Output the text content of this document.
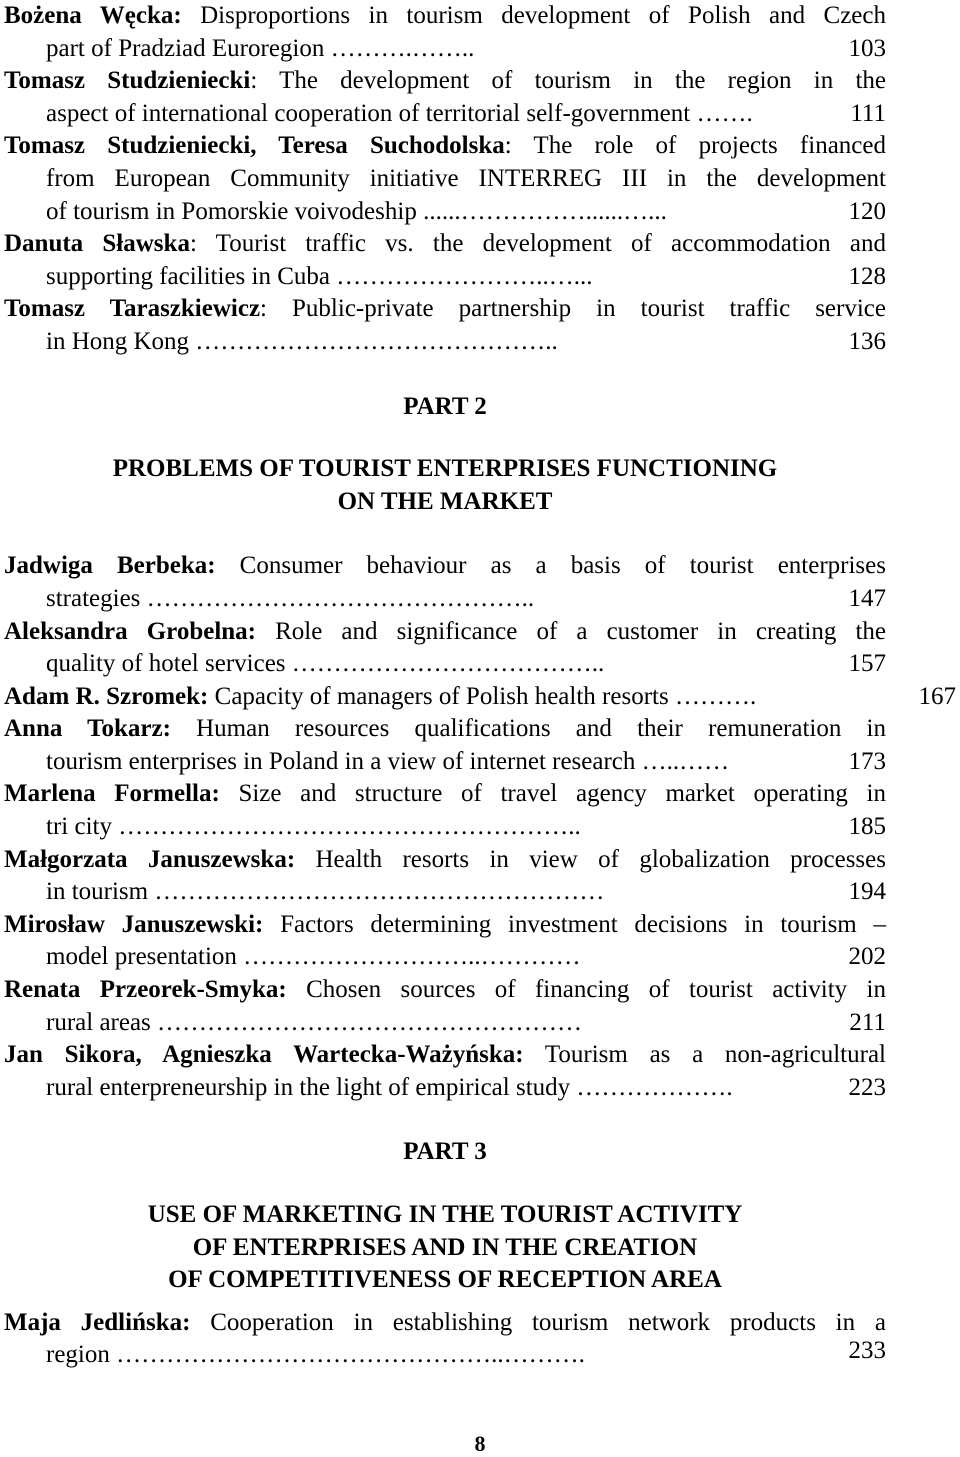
Bożena Węcka: Disproportions in tourism development of Polish and Czech
part of Pradziad Euroregion ……….……..	103
Tomasz Studzieniecki: The development of tourism in the region in the
aspect of international cooperation of territorial self-government …….	111
Tomasz Studzieniecki, Teresa Suchodolska: The role of projects financed
from European Community initiative INTERREG III in the development
of tourism in Pomorskie voivodeship ......……………......…...	120
Danuta Sławska: Tourist traffic vs. the development of accommodation and
supporting facilities in Cuba ……………………..…...	128
Tomasz Taraszkiewicz: Public-private partnership in tourist traffic service
in Hong Kong ……………………………………..	136
PART 2
PROBLEMS OF TOURIST ENTERPRISES FUNCTIONING
ON THE MARKET
Jadwiga Berbeka: Consumer behaviour as a basis of tourist enterprises
strategies ………………………………………..	147
Aleksandra Grobelna: Role and significance of a customer in creating the
quality of hotel services ………………………………..	157
Adam R. Szromek: Capacity of managers of Polish health resorts ……….	167
Anna Tokarz: Human resources qualifications and their remuneration in
tourism enterprises in Poland in a view of internet research …..……	173
Marlena Formella: Size and structure of travel agency market operating in
tri city ………………………………………………..	185
Małgorzata Januszewska: Health resorts in view of globalization processes
in tourism ………………………………………………	194
Mirosław Januszewski: Factors determining investment decisions in tourism –
model presentation ………………………..…………	202
Renata Przeorek-Smyka: Chosen sources of financing of tourist activity in
rural areas ……………………………………………	211
Jan Sikora, Agnieszka Wartecka-Ważyńska: Tourism as a non-agricultural
rural enterpreneurship in the light of empirical study ……………….	223
PART 3
USE OF MARKETING IN THE TOURIST ACTIVITY
OF ENTERPRISES AND IN THE CREATION
OF COMPETITIVENESS OF RECEPTION AREA
Maja Jedlińska: Cooperation in establishing tourism network products in a
region ………………………………………..……….	233
8
